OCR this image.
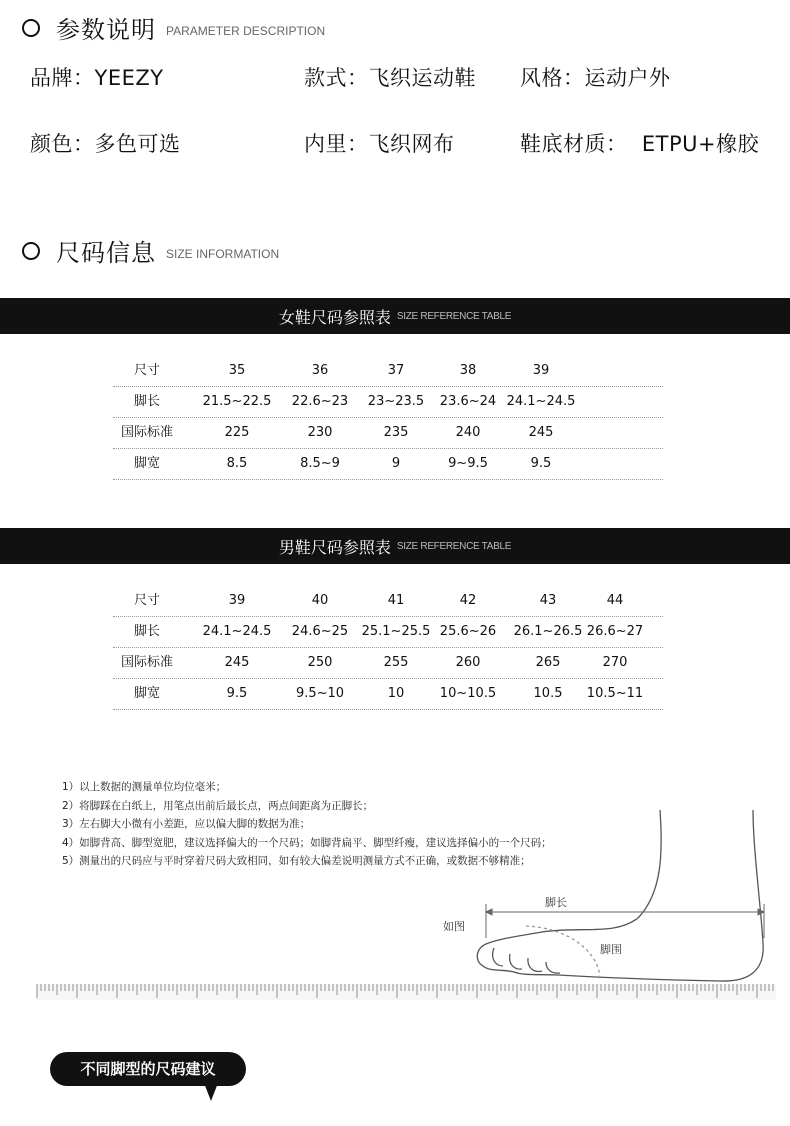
参数说明 PARAMETER DESCRIPTION
品牌：YEEZY	款式：飞织运动鞋 风格：运动户外
颜色：多色可选	内里：飞织网布	鞋底材质：  ETPU+橡胶
尺码信息 SIZE INFORMATION
女鞋尺码参照表 SIZE REFERENCE TABLE
尺寸	35	36	37	38	39
脚长	21.5~22.5 22.6~23 23~23.5 23.6~24 24.1~24.5
国际标准	225	230	235	240	245
脚宽	8.5	8.5~9	9	9~9.5	9.5
男鞋尺码参照表 SIZE REFERENCE TABLE
尺寸	39	40	41	42	43	44
脚长	24.1~24.5 24.6~25 25.1~25.5 25.6~26 26.1~26.5 26.6~27
国际标准	245	250	255	260	265	270
脚宽	9.5	9.5~10	10	10~10.5	10.5 10.5~11
1）以上数据的测量单位均位毫米；
2）将脚踩在白纸上，用笔点出前后最长点，两点间距离为正脚长；
3）左右脚大小微有小差距，应以偏大脚的数据为准；
4）如脚背高、脚型宽肥，建议选择偏大的一个尺码；如脚背扁平、脚型纤瘦，建议选择偏小的一个尺码；
5）测量出的尺码应与平时穿着尺码大致相同，如有较大偏差说明测量方式不正确，或数据不够精准；
如图
脚长
脚围
不同脚型的尺码建议
